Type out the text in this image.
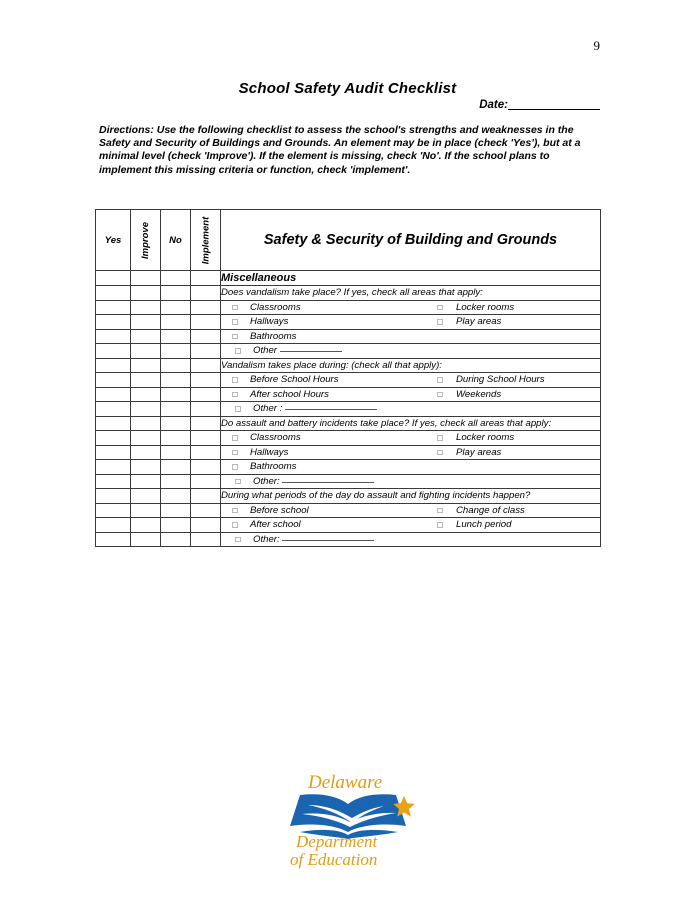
9
School Safety Audit Checklist
Date:
Directions: Use the following checklist to assess the school's strengths and weaknesses in the Safety and Security of Buildings and Grounds. An element may be in place (check 'Yes'), but at a minimal level (check 'Improve'). If the element is missing, check 'No'. If the school plans to implement this missing criteria or function, check 'implement'.
Yes	Improve	No	Implement	Safety & Security of Building and Grounds
				Miscellaneous
				Does vandalism take place? If yes, check all areas that apply:

				Classrooms Locker rooms

				Hallways Play areas

				Bathrooms

				Other

				Vandalism takes place during: (check all that apply):

				Before School Hours During School Hours

				After school Hours Weekends

				Other :

				Do assault and battery incidents take place? If yes, check all areas that apply:

				Classrooms Locker rooms

				Hallways Play areas

				Bathrooms

				Other:

				During what periods of the day do assault and fighting incidents happen?

				Before school Change of class

				After school Lunch period

				Other:
Delaware
Department
of Education
